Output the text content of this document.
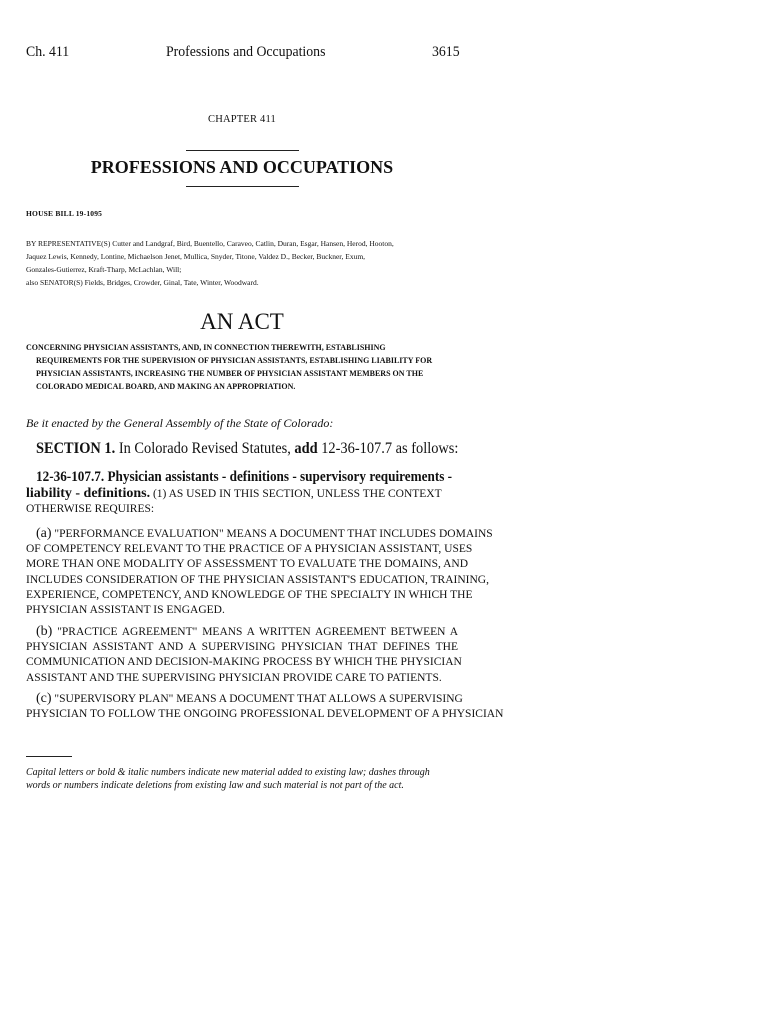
Ch. 411	Professions and Occupations	3615
CHAPTER 411
PROFESSIONS AND OCCUPATIONS
HOUSE BILL 19-1095
BY REPRESENTATIVE(S) Cutter and Landgraf, Bird, Buentello, Caraveo, Catlin, Duran, Esgar, Hansen, Herod, Hooton,
Jaquez Lewis, Kennedy, Lontine, Michaelson Jenet, Mullica, Snyder, Titone, Valdez D., Becker, Buckner, Exum,
Gonzales-Gutierrez, Kraft-Tharp, McLachlan, Will;
also SENATOR(S) Fields, Bridges, Crowder, Ginal, Tate, Winter, Woodward.
AN ACT
CONCERNING PHYSICIAN ASSISTANTS, AND, IN CONNECTION THEREWITH, ESTABLISHING
REQUIREMENTS FOR THE SUPERVISION OF PHYSICIAN ASSISTANTS, ESTABLISHING LIABILITY FOR
PHYSICIAN ASSISTANTS, INCREASING THE NUMBER OF PHYSICIAN ASSISTANT MEMBERS ON THE
COLORADO MEDICAL BOARD, AND MAKING AN APPROPRIATION.
Be it enacted by the General Assembly of the State of Colorado:
SECTION 1. In Colorado Revised Statutes, add 12-36-107.7 as follows:
12-36-107.7. Physician assistants - definitions - supervisory requirements -
liability - definitions. (1) AS USED IN THIS SECTION, UNLESS THE CONTEXT
OTHERWISE REQUIRES:
(a) "PERFORMANCE EVALUATION" MEANS A DOCUMENT THAT INCLUDES DOMAINS
OF COMPETENCY RELEVANT TO THE PRACTICE OF A PHYSICIAN ASSISTANT, USES
MORE THAN ONE MODALITY OF ASSESSMENT TO EVALUATE THE DOMAINS, AND
INCLUDES CONSIDERATION OF THE PHYSICIAN ASSISTANT'S EDUCATION, TRAINING,
EXPERIENCE, COMPETENCY, AND KNOWLEDGE OF THE SPECIALTY IN WHICH THE
PHYSICIAN ASSISTANT IS ENGAGED.
(b) "PRACTICE AGREEMENT" MEANS A WRITTEN AGREEMENT BETWEEN A
PHYSICIAN ASSISTANT AND A SUPERVISING PHYSICIAN THAT DEFINES THE
COMMUNICATION AND DECISION-MAKING PROCESS BY WHICH THE PHYSICIAN
ASSISTANT AND THE SUPERVISING PHYSICIAN PROVIDE CARE TO PATIENTS.
(c) "SUPERVISORY PLAN" MEANS A DOCUMENT THAT ALLOWS A SUPERVISING
PHYSICIAN TO FOLLOW THE ONGOING PROFESSIONAL DEVELOPMENT OF A PHYSICIAN
Capital letters or bold & italic numbers indicate new material added to existing law; dashes through
words or numbers indicate deletions from existing law and such material is not part of the act.
